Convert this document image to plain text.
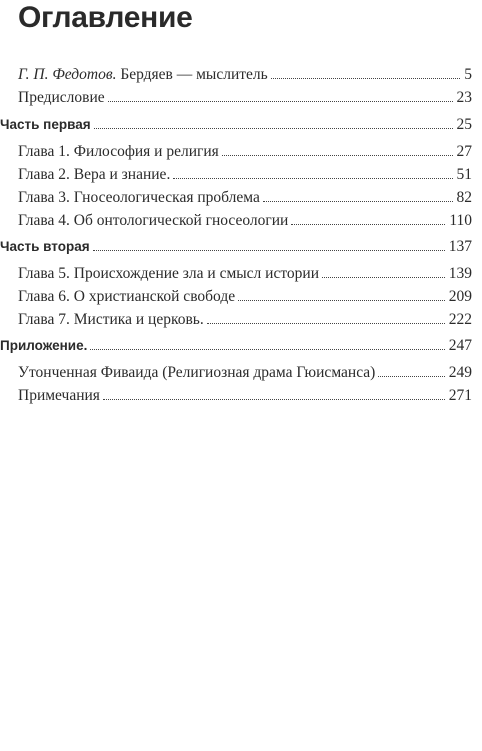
Оглавление
Г. П. Федотов. Бердяев — мыслитель	5
Предисловие	23
Часть первая	25
Глава 1. Философия и религия	27
Глава 2. Вера и знание.	51
Глава 3. Гносеологическая проблема	82
Глава 4. Об онтологической гносеологии	110
Часть вторая	137
Глава 5. Происхождение зла и смысл истории	139
Глава 6. О христианской свободе	209
Глава 7. Мистика и церковь.	222
Приложение.	247
Утонченная Фиваида (Религиозная драма Гюисманса)	249
Примечания	271
